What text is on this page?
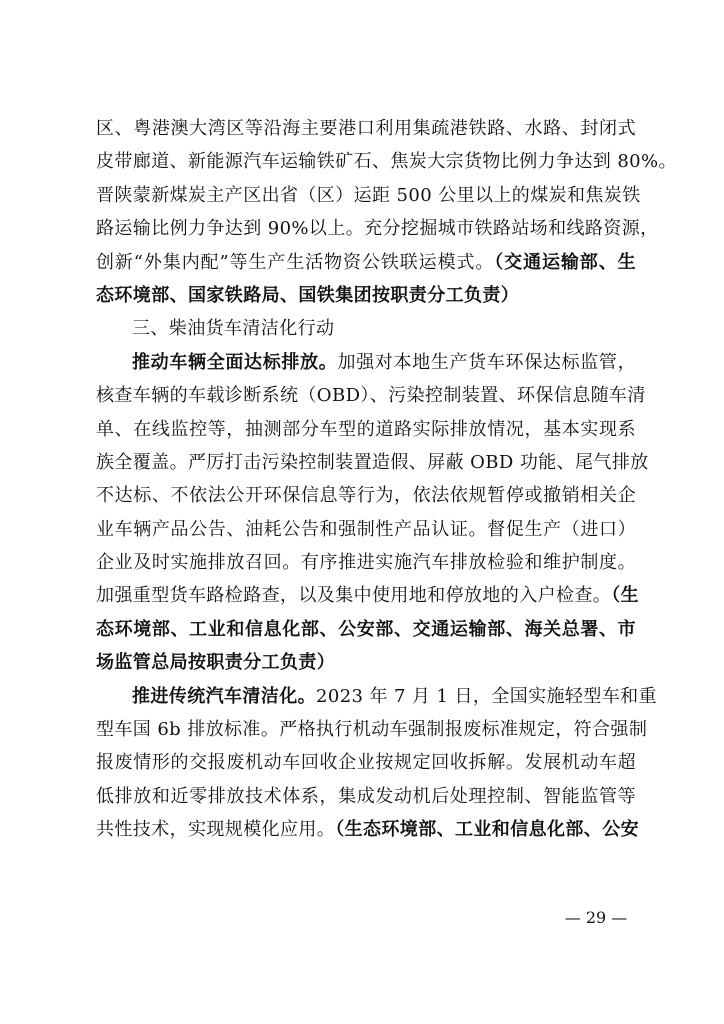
区、粤港澳大湾区等沿海主要港口利用集疏港铁路、水路、封闭式
皮带廊道、新能源汽车运输铁矿石、焦炭大宗货物比例力争达到 80%。
晋陕蒙新煤炭主产区出省（区）运距 500 公里以上的煤炭和焦炭铁
路运输比例力争达到 90%以上。充分挖掘城市铁路站场和线路资源，
创新“外集内配”等生产生活物资公铁联运模式。（交通运输部、生
态环境部、国家铁路局、国铁集团按职责分工负责）
三、柴油货车清洁化行动
推动车辆全面达标排放。加强对本地生产货车环保达标监管，
核查车辆的车载诊断系统（OBD）、污染控制装置、环保信息随车清
单、在线监控等，抽测部分车型的道路实际排放情况，基本实现系
族全覆盖。严厉打击污染控制装置造假、屏蔽 OBD 功能、尾气排放
不达标、不依法公开环保信息等行为，依法依规暂停或撤销相关企
业车辆产品公告、油耗公告和强制性产品认证。督促生产（进口）
企业及时实施排放召回。有序推进实施汽车排放检验和维护制度。
加强重型货车路检路查，以及集中使用地和停放地的入户检查。（生
态环境部、工业和信息化部、公安部、交通运输部、海关总署、市
场监管总局按职责分工负责）
推进传统汽车清洁化。2023 年 7 月 1 日，全国实施轻型车和重
型车国 6b 排放标准。严格执行机动车强制报废标准规定，符合强制
报废情形的交报废机动车回收企业按规定回收拆解。发展机动车超
低排放和近零排放技术体系，集成发动机后处理控制、智能监管等
共性技术，实现规模化应用。（生态环境部、工业和信息化部、公安
— 29 —
